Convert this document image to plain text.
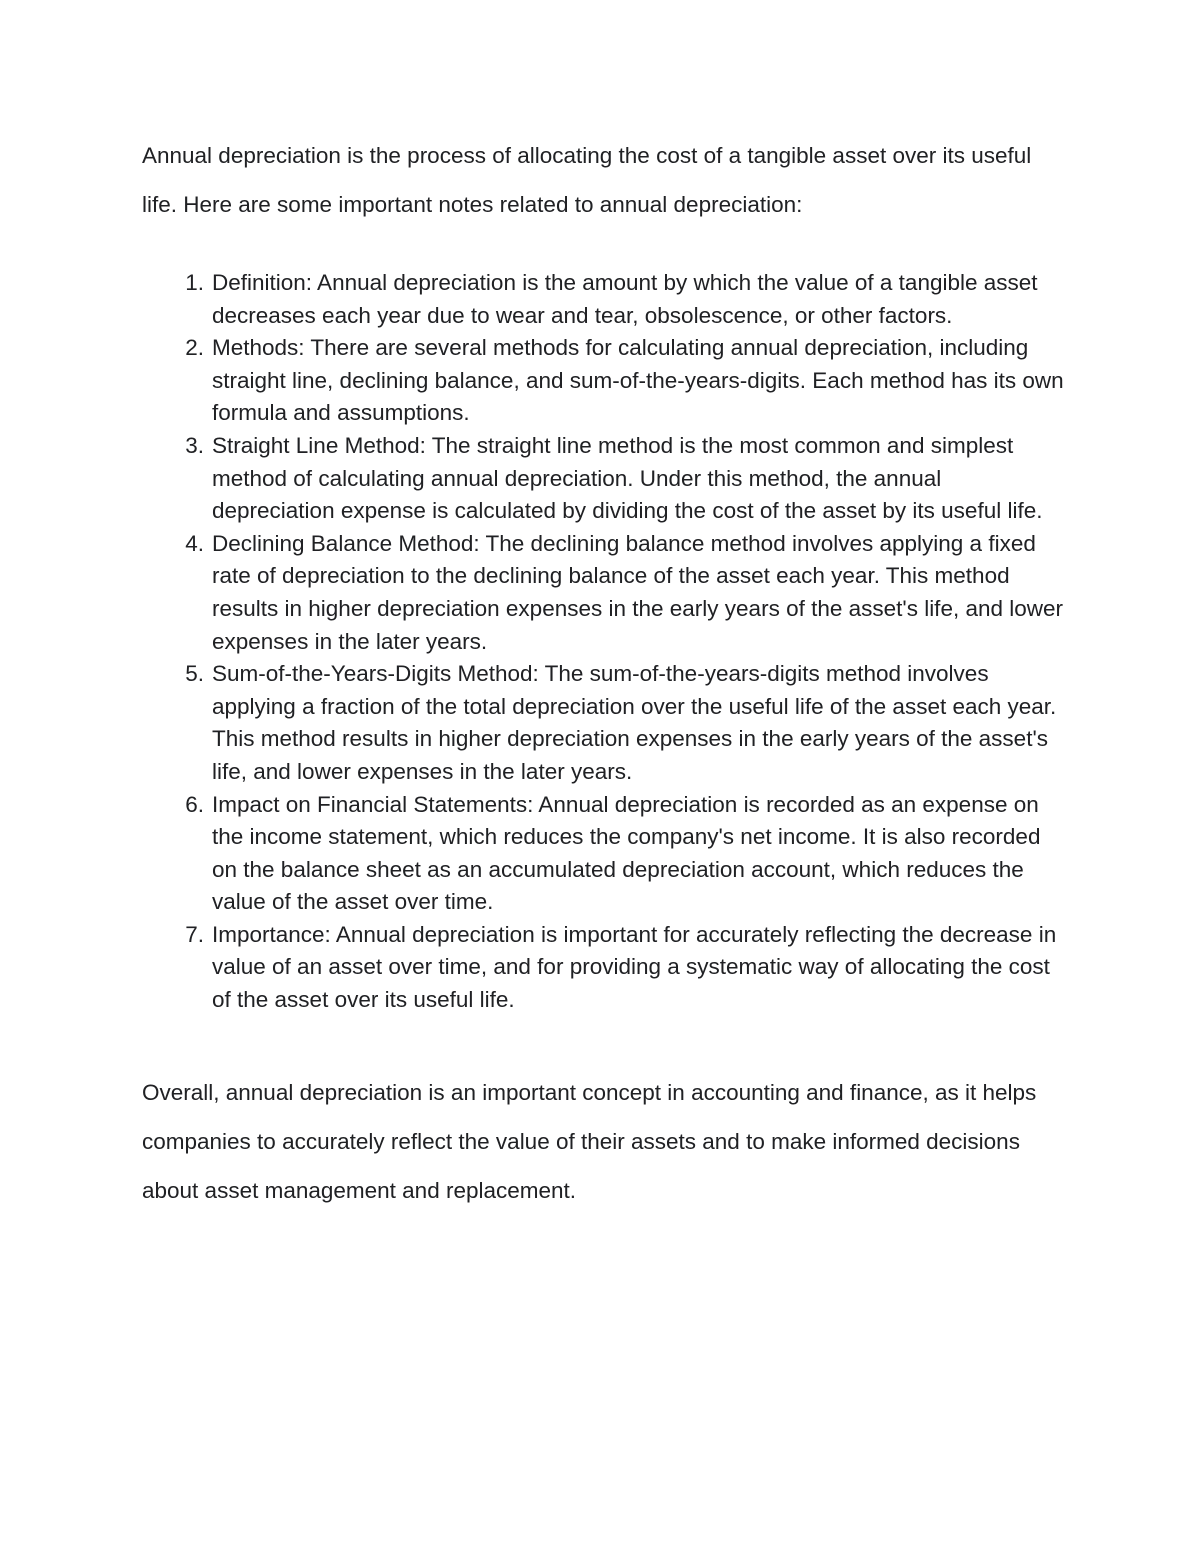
Annual depreciation is the process of allocating the cost of a tangible asset over its useful life. Here are some important notes related to annual depreciation:

1. Definition: Annual depreciation is the amount by which the value of a tangible asset decreases each year due to wear and tear, obsolescence, or other factors.
2. Methods: There are several methods for calculating annual depreciation, including straight line, declining balance, and sum-of-the-years-digits. Each method has its own formula and assumptions.
3. Straight Line Method: The straight line method is the most common and simplest method of calculating annual depreciation. Under this method, the annual depreciation expense is calculated by dividing the cost of the asset by its useful life.
4. Declining Balance Method: The declining balance method involves applying a fixed rate of depreciation to the declining balance of the asset each year. This method results in higher depreciation expenses in the early years of the asset's life, and lower expenses in the later years.
5. Sum-of-the-Years-Digits Method: The sum-of-the-years-digits method involves applying a fraction of the total depreciation over the useful life of the asset each year. This method results in higher depreciation expenses in the early years of the asset's life, and lower expenses in the later years.
6. Impact on Financial Statements: Annual depreciation is recorded as an expense on the income statement, which reduces the company's net income. It is also recorded on the balance sheet as an accumulated depreciation account, which reduces the value of the asset over time.
7. Importance: Annual depreciation is important for accurately reflecting the decrease in value of an asset over time, and for providing a systematic way of allocating the cost of the asset over its useful life.

Overall, annual depreciation is an important concept in accounting and finance, as it helps companies to accurately reflect the value of their assets and to make informed decisions about asset management and replacement.
